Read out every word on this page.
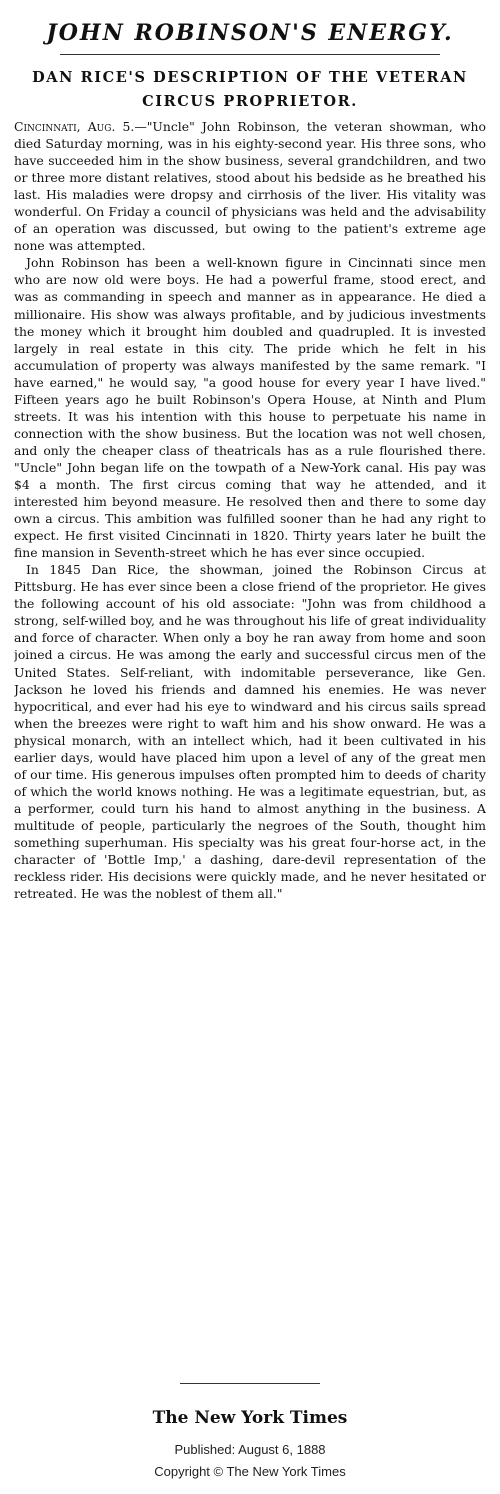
JOHN ROBINSON'S ENERGY.
DAN RICE'S DESCRIPTION OF THE VETERAN CIRCUS PROPRIETOR.

Cincinnati, Aug. 5.—"Uncle" John Robinson, the veteran showman, who died Saturday morning, was in his eighty-second year. His three sons, who have succeeded him in the show business, several grandchildren, and two or three more distant relatives, stood about his bedside as he breathed his last. His maladies were dropsy and cirrhosis of the liver. His vitality was wonderful. On Friday a council of physicians was held and the advisability of an operation was discussed, but owing to the patient's extreme age none was attempted.

John Robinson has been a well-known figure in Cincinnati since men who are now old were boys. He had a powerful frame, stood erect, and was as commanding in speech and manner as in appearance. He died a millionaire. His show was always profitable, and by judicious investments the money which it brought him doubled and quadrupled. It is invested largely in real estate in this city. The pride which he felt in his accumulation of property was always manifested by the same remark. "I have earned," he would say, "a good house for every year I have lived." Fifteen years ago he built Robinson's Opera House, at Ninth and Plum streets. It was his intention with this house to perpetuate his name in connection with the show business. But the location was not well chosen, and only the cheaper class of theatricals has as a rule flourished there. "Uncle" John began life on the towpath of a New-York canal. His pay was $4 a month. The first circus coming that way he attended, and it interested him beyond measure. He resolved then and there to some day own a circus. This ambition was fulfilled sooner than he had any right to expect. He first visited Cincinnati in 1820. Thirty years later he built the fine mansion in Seventh-street which he has ever since occupied.

In 1845 Dan Rice, the showman, joined the Robinson Circus at Pittsburg. He has ever since been a close friend of the proprietor. He gives the following account of his old associate: "John was from childhood a strong, self-willed boy, and he was throughout his life of great individuality and force of character. When only a boy he ran away from home and soon joined a circus. He was among the early and successful circus men of the United States. Self-reliant, with indomitable perseverance, like Gen. Jackson he loved his friends and damned his enemies. He was never hypocritical, and ever had his eye to windward and his circus sails spread when the breezes were right to waft him and his show onward. He was a physical monarch, with an intellect which, had it been cultivated in his earlier days, would have placed him upon a level of any of the great men of our time. His generous impulses often prompted him to deeds of charity of which the world knows nothing. He was a legitimate equestrian, but, as a performer, could turn his hand to almost anything in the business. A multitude of people, particularly the negroes of the South, thought him something superhuman. His specialty was his great four-horse act, in the character of 'Bottle Imp,' a dashing, dare-devil representation of the reckless rider. His decisions were quickly made, and he never hesitated or retreated. He was the noblest of them all."

The New York Times
Published: August 6, 1888
Copyright © The New York Times
